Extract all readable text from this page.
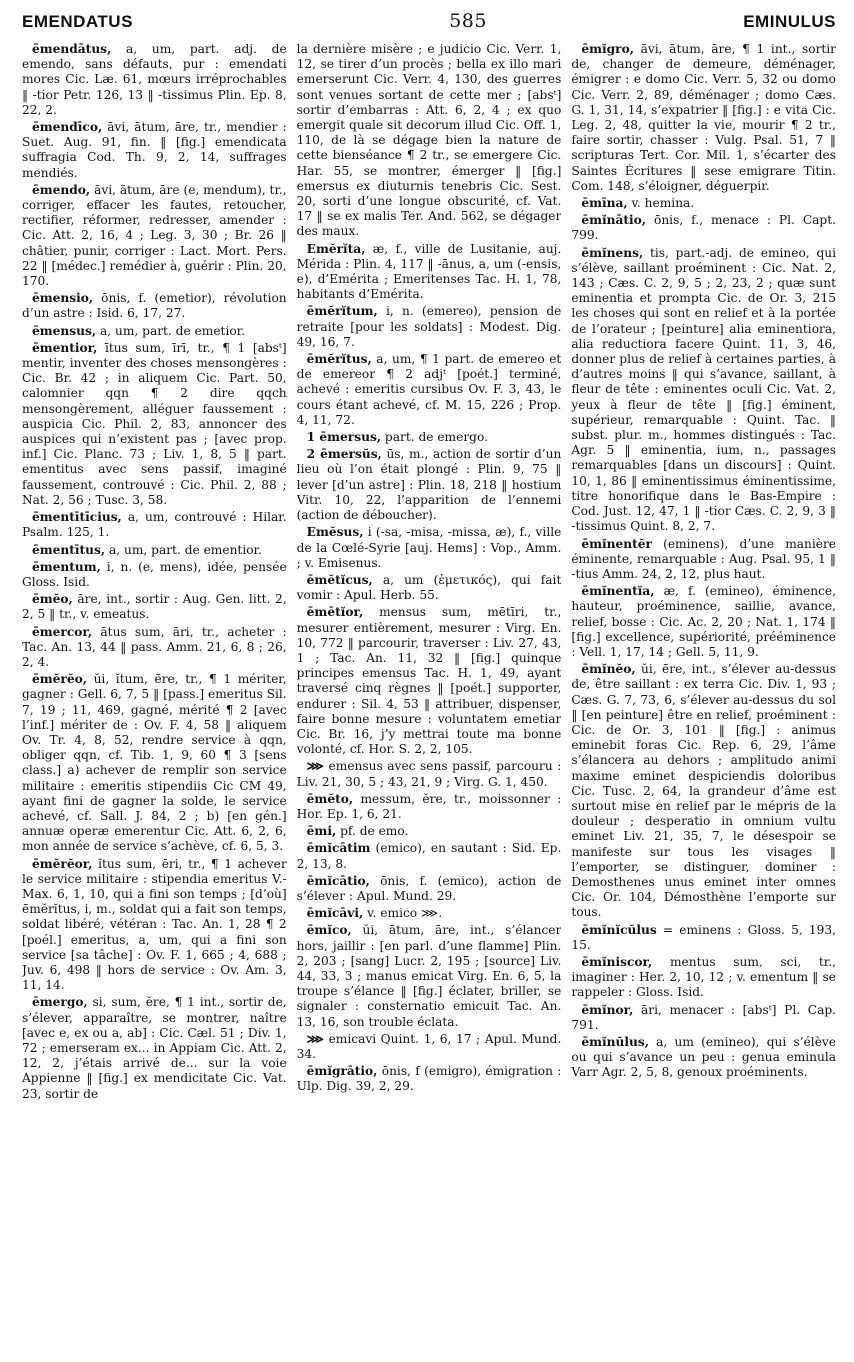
EMENDATUS	585	EMINULUS

ēmendātus, a, um, part. adj. de emendo, sans défauts, pur : emendati mores Cic. Læ. 61, mœurs irréprochables ‖ -tior Petr. 126, 13 ‖ -tissimus Plin. Ep. 8, 22, 2.

ēmendīco, āvi, ātum, āre, tr., mendier : Suet. Aug. 91, fin. ‖ [fig.] emendicata suffragia Cod. Th. 9, 2, 14, suffrages mendiés.

ēmendo, āvi, ātum, āre (e, mendum), tr., corriger, effacer les fautes, retoucher, rectifier, réformer, redresser, amender : Cic. Att. 2, 16, 4 ; Leg. 3, 30 ; Br. 26 ‖ châtier, punir, corriger : Lact. Mort. Pers. 22 ‖ [médec.] remédier à, guérir : Plin. 20, 170.

ēmensio, ōnis, f. (emetior), révolution d’un astre : Isid. 6, 17, 27.

ēmensus, a, um, part. de emetior.

ēmentior, ītus sum, īrī, tr., ¶ 1 [absᵗ] mentir, inventer des choses mensongères : Cic. Br. 42 ; in aliquem Cic. Part. 50, calomnier qqn ¶ 2 dire qqch mensongèrement, alléguer faussement : auspicia Cic. Phil. 2, 83, annoncer des auspices qui n’existent pas ; [avec prop. inf.] Cic. Planc. 73 ; Liv. 1, 8, 5 ‖ part. ementitus avec sens passif, imaginé faussement, controuvé : Cic. Phil. 2, 88 ; Nat. 2, 56 ; Tusc. 3, 58.

ēmentītīcius, a, um, controuvé : Hilar. Psalm. 125, 1.

ēmentītus, a, um, part. de ementior.

ēmentum, i, n. (e, mens), idée, pensée Gloss. Isid.

ēmĕo, āre, int., sortir : Aug. Gen. litt. 2, 2, 5 ‖ tr., v. emeatus.

ēmercor, ātus sum, āri, tr., acheter : Tac. An. 13, 44 ‖ pass. Amm. 21, 6, 8 ; 26, 2, 4.

ēmĕrĕo, ŭi, ĭtum, ēre, tr., ¶ 1 mériter, gagner : Gell. 6, 7, 5 ‖ [pass.] emeritus Sil. 7, 19 ; 11, 469, gagné, mérité ¶ 2 [avec l’inf.] mériter de : Ov. F. 4, 58 ‖ aliquem Ov. Tr. 4, 8, 52, rendre service à qqn, obliger qqn, cf. Tib. 1, 9, 60 ¶ 3 [sens class.] a) achever de remplir son service militaire : emeritis stipendiis Cic CM 49, ayant fini de gagner la solde, le service achevé, cf. Sall. J. 84, 2 ; b) [en gén.] annuæ operæ emerentur Cic. Att. 6, 2, 6, mon année de service s’achève, cf. 6, 5, 3.

ēmĕrĕor, ĭtus sum, ēri, tr., ¶ 1 achever le service militaire : stipendia emeritus V.-Max. 6, 1, 10, qui a fini son temps ; [d’où] ēmĕrĭtus, i, m., soldat qui a fait son temps, soldat libéré, vétéran : Tac. An. 1, 28 ¶ 2 [poél.] emeritus, a, um, qui a fini son service [sa tâche] : Ov. F. 1, 665 ; 4, 688 ; Juv. 6, 498 ‖ hors de service : Ov. Am. 3, 11, 14.

ēmergo, si, sum, ĕre, ¶ 1 int., sortir de, s’élever, apparaître, se montrer, naître [avec e, ex ou a, ab] : Cic. Cæl. 51 ; Div. 1, 72 ; emerseram ex... in Appiam Cic. Att. 2, 12, 2, j’étais arrivé de... sur la voie Appienne ‖ [fig.] ex mendicitate Cic. Vat. 23, sortir de

la dernière misère ; e judicio Cic. Verr. 1, 12, se tirer d’un procès ; bella ex illo mari emerserunt Cic. Verr. 4, 130, des guerres sont venues sortant de cette mer ; [absᵗ] sortir d’embarras : Att. 6, 2, 4 ; ex quo emergit quale sit decorum illud Cic. Off. 1, 110, de là se dégage bien la nature de cette bienséance ¶ 2 tr., se emergere Cic. Har. 55, se montrer, émerger ‖ [fig.] emersus ex diuturnis tenebris Cic. Sest. 20, sorti d’une longue obscurité, cf. Vat. 17 ‖ se ex malis Ter. And. 562, se dégager des maux.

Emĕrĭta, æ, f., ville de Lusitanie, auj. Mérida : Plin. 4, 117 ‖ -ānus, a, um (-ensis, e), d’Emérita ; Emeritenses Tac. H. 1, 78, habitants d’Emérita.

ēmĕrĭtum, i, n. (emereo), pension de retraite [pour les soldats] : Modest. Dig. 49, 16, 7.

ēmĕrĭtus, a, um, ¶ 1 part. de emereo et de emereor ¶ 2 adjᵗ [poét.] terminé, achevé : emeritis cursibus Ov. F. 3, 43, le cours étant achevé, cf. M. 15, 226 ; Prop. 4, 11, 72.

1 ēmersus, part. de emergo.

2 ēmersŭs, ūs, m., action de sortir d’un lieu où l’on était plongé : Plin. 9, 75 ‖ lever [d’un astre] : Plin. 18, 218 ‖ hostium Vitr. 10, 22, l’apparition de l’ennemi (action de déboucher).

Emĕsus, i (-sa, -misa, -missa, æ), f., ville de la Cœlé-Syrie [auj. Hems] : Vop., Amm. ; v. Emisenus.

ēmĕtĭcus, a, um (ἐμετικός), qui fait vomir : Apul. Herb. 55.

ēmētĭor, mensus sum, mētīri, tr., mesurer entièrement, mesurer : Virg. En. 10, 772 ‖ parcourir, traverser : Liv. 27, 43, 1 ; Tac. An. 11, 32 ‖ [fig.] quinque principes emensus Tac. H. 1, 49, ayant traversé cinq règnes ‖ [poét.] supporter, endurer : Sil. 4, 53 ‖ attribuer, dispenser, faire bonne mesure : voluntatem emetiar Cic. Br. 16, j’y mettrai toute ma bonne volonté, cf. Hor. S. 2, 2, 105.

⋙ emensus avec sens passif, parcouru : Liv. 21, 30, 5 ; 43, 21, 9 ; Virg. G. 1, 450.

ēmĕto, messum, ĕre, tr., moissonner : Hor. Ep. 1, 6, 21.

ēmi, pf. de emo.

ēmĭcātim (emico), en sautant : Sid. Ep. 2, 13, 8.

ēmĭcātio, ōnis, f. (emico), action de s’élever : Apul. Mund. 29.

ēmĭcāvi, v. emico ⋙.

ēmĭco, ŭi, ātum, āre, int., s’élancer hors, jaillir : [en parl. d’une flamme] Plin. 2, 203 ; [sang] Lucr. 2, 195 ; [source] Liv. 44, 33, 3 ; manus emicat Virg. En. 6, 5, la troupe s’élance ‖ [fig.] éclater, briller, se signaler : consternatio emicuit Tac. An. 13, 16, son trouble éclata.

⋙ emicavi Quint. 1, 6, 17 ; Apul. Mund. 34.

ēmĭgrātio, ōnis, f (emigro), émigration : Ulp. Dig. 39, 2, 29.

ēmĭgro, āvi, ātum, āre, ¶ 1 int., sortir de, changer de demeure, déménager, émigrer : e domo Cic. Verr. 5, 32 ou domo Cic. Verr. 2, 89, déménager ; domo Cæs. G. 1, 31, 14, s’expatrier ‖ [fig.] : e vita Cic. Leg. 2, 48, quitter la vie, mourir ¶ 2 tr., faire sortir, chasser : Vulg. Psal. 51, 7 ‖ scripturas Tert. Cor. Mil. 1, s’écarter des Saintes Écritures ‖ sese emigrare Titin. Com. 148, s’éloigner, déguerpir.

ēmīna, v. hemina.

ēmĭnātio, ōnis, f., menace : Pl. Capt. 799.

ēmĭnens, tis, part.-adj. de emineo, qui s’élève, saillant proéminent : Cic. Nat. 2, 143 ; Cæs. C. 2, 9, 5 ; 2, 23, 2 ; quæ sunt eminentia et prompta Cic. de Or. 3, 215 les choses qui sont en relief et à la portée de l’orateur ; [peinture] alia eminentiora, alia reductiora facere Quint. 11, 3, 46, donner plus de relief à certaines parties, à d’autres moins ‖ qui s’avance, saillant, à fleur de tête : eminentes oculi Cic. Vat. 2, yeux à fleur de tête ‖ [fig.] éminent, supérieur, remarquable : Quint. Tac. ‖ subst. plur. m., hommes distingués : Tac. Agr. 5 ‖ eminentia, ium, n., passages remarquables [dans un discours] : Quint. 10, 1, 86 ‖ eminentissimus éminentissime, titre honorifique dans le Bas-Empire : Cod. Just. 12, 47, 1 ‖ -tior Cæs. C. 2, 9, 3 ‖ -tissimus Quint. 8, 2, 7.

ēmĭnentĕr (eminens), d’une manière éminente, remarquable : Aug. Psal. 95, 1 ‖ -tius Amm. 24, 2, 12, plus haut.

ēmĭnentĭa, æ, f. (emineo), éminence, hauteur, proéminence, saillie, avance, relief, bosse : Cic. Ac. 2, 20 ; Nat. 1, 174 ‖ [fig.] excellence, supériorité, prééminence : Vell. 1, 17, 14 ; Gell. 5, 11, 9.

ēmĭnĕo, ŭi, ēre, int., s’élever au-dessus de, être saillant : ex terra Cic. Div. 1, 93 ; Cæs. G. 7, 73, 6, s’élever au-dessus du sol ‖ [en peinture] être en relief, proéminent : Cic. de Or. 3, 101 ‖ [fig.] : animus eminebit foras Cic. Rep. 6, 29, l’âme s’élancera au dehors ; amplitudo animi maxime eminet despiciendis doloribus Cic. Tusc. 2, 64, la grandeur d’âme est surtout mise en relief par le mépris de la douleur ; desperatio in omnium vultu eminet Liv. 21, 35, 7, le désespoir se manifeste sur tous les visages ‖ l’emporter, se distinguer, dominer : Demosthenes unus eminet inter omnes Cic. Or. 104, Démosthène l’emporte sur tous.

ēmĭnĭcŭlus = eminens : Gloss. 5, 193, 15.

ēmĭniscor, mentus sum, sci, tr., imaginer : Her. 2, 10, 12 ; v. ementum ‖ se rappeler : Gloss. Isid.

ēmĭnor, āri, menacer : [absᵗ] Pl. Cap. 791.

ēmĭnŭlus, a, um (emineo), qui s’élève ou qui s’avance un peu : genua eminula Varr Agr. 2, 5, 8, genoux proéminents.
